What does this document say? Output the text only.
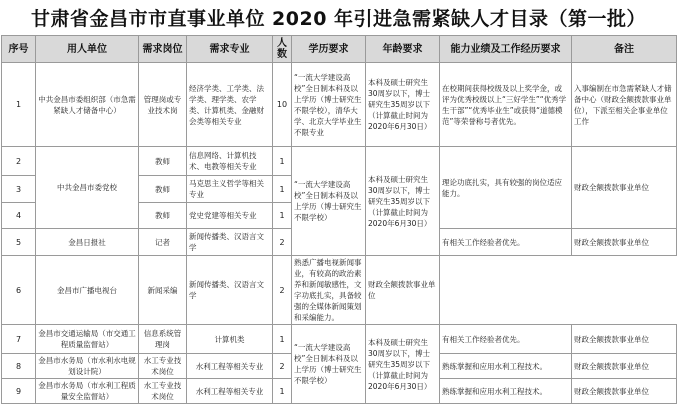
甘肃省金昌市市直事业单位 2020 年引进急需紧缺人才目录（第一批）
序号	用人单位	需求岗位	需求专业	人数	学历要求	年龄要求	能力业绩及工作经历要求	备注
1	中共金昌市委组织部（市急需紧缺人才储备中心）	管理岗或专业技术岗	经济学类、工学类、法学类、理学类、农学类、计算机类、金融财会类等相关专业	10	“一流大学建设高校”全日制本科及以上学历（博士研究生不限学校），清华大学、北京大学毕业生不限专业	本科及硕士研究生30周岁以下，博士研究生35周岁以下（计算截止时间为2020年6月30日）	在校期间获得校级及以上奖学金，或评为优秀校级以上“三好学生”“优秀学生干部”“优秀毕业生”或获得“道德模范”等荣誉称号者优先。	入事编制在市急需紧缺人才储备中心（财政全额拨款事业单位），下派至相关企事业单位工作
2	中共金昌市委党校	教师	信息网络、计算机技术、电教等相关专业	1	“一流大学建设高校”全日制本科及以上学历（博士研究生不限学校）	本科及硕士研究生30周岁以下，博士研究生35周岁以下（计算截止时间为2020年6月30日）	理论功底扎实，具有较强的岗位适应能力。	财政全额拨款事业单位
3		教师	马克思主义哲学等相关专业	1				
4		教师	党史党建等相关专业	1				
5	金昌日报社	记者	新闻传播类、汉语言文学	2			有相关工作经验者优先。	财政全额拨款事业单位
6	金昌市广播电视台	新闻采编	新闻传播类、汉语言文学	2	熟悉广播电视新闻事业，有较高的政治素养和新闻敏感性，文字功底扎实，具备较强的全媒体新闻策划和采编能力。	财政全额拨款事业单位		
7	金昌市交通运输局（市交通工程质量监督站）	信息系统管理岗	计算机类	1	“一流大学建设高校”全日制本科及以上学历（博士研究生不限学校）	本科及硕士研究生30周岁以下，博士研究生35周岁以下（计算截止时间为2020年6月30日）	有相关工作经验者优先。	财政全额拨款事业单位
8	金昌市水务局（市水利水电规划设计院）	水工专业技术岗位	水利工程等相关专业	2			熟练掌握和应用水利工程技术。	财政全额拨款事业单位
9	金昌市水务局（市水利工程质量安全监督站）	水工专业技术岗位	水利工程等相关专业	1			熟练掌握和应用水利工程技术。	财政全额拨款事业单位
